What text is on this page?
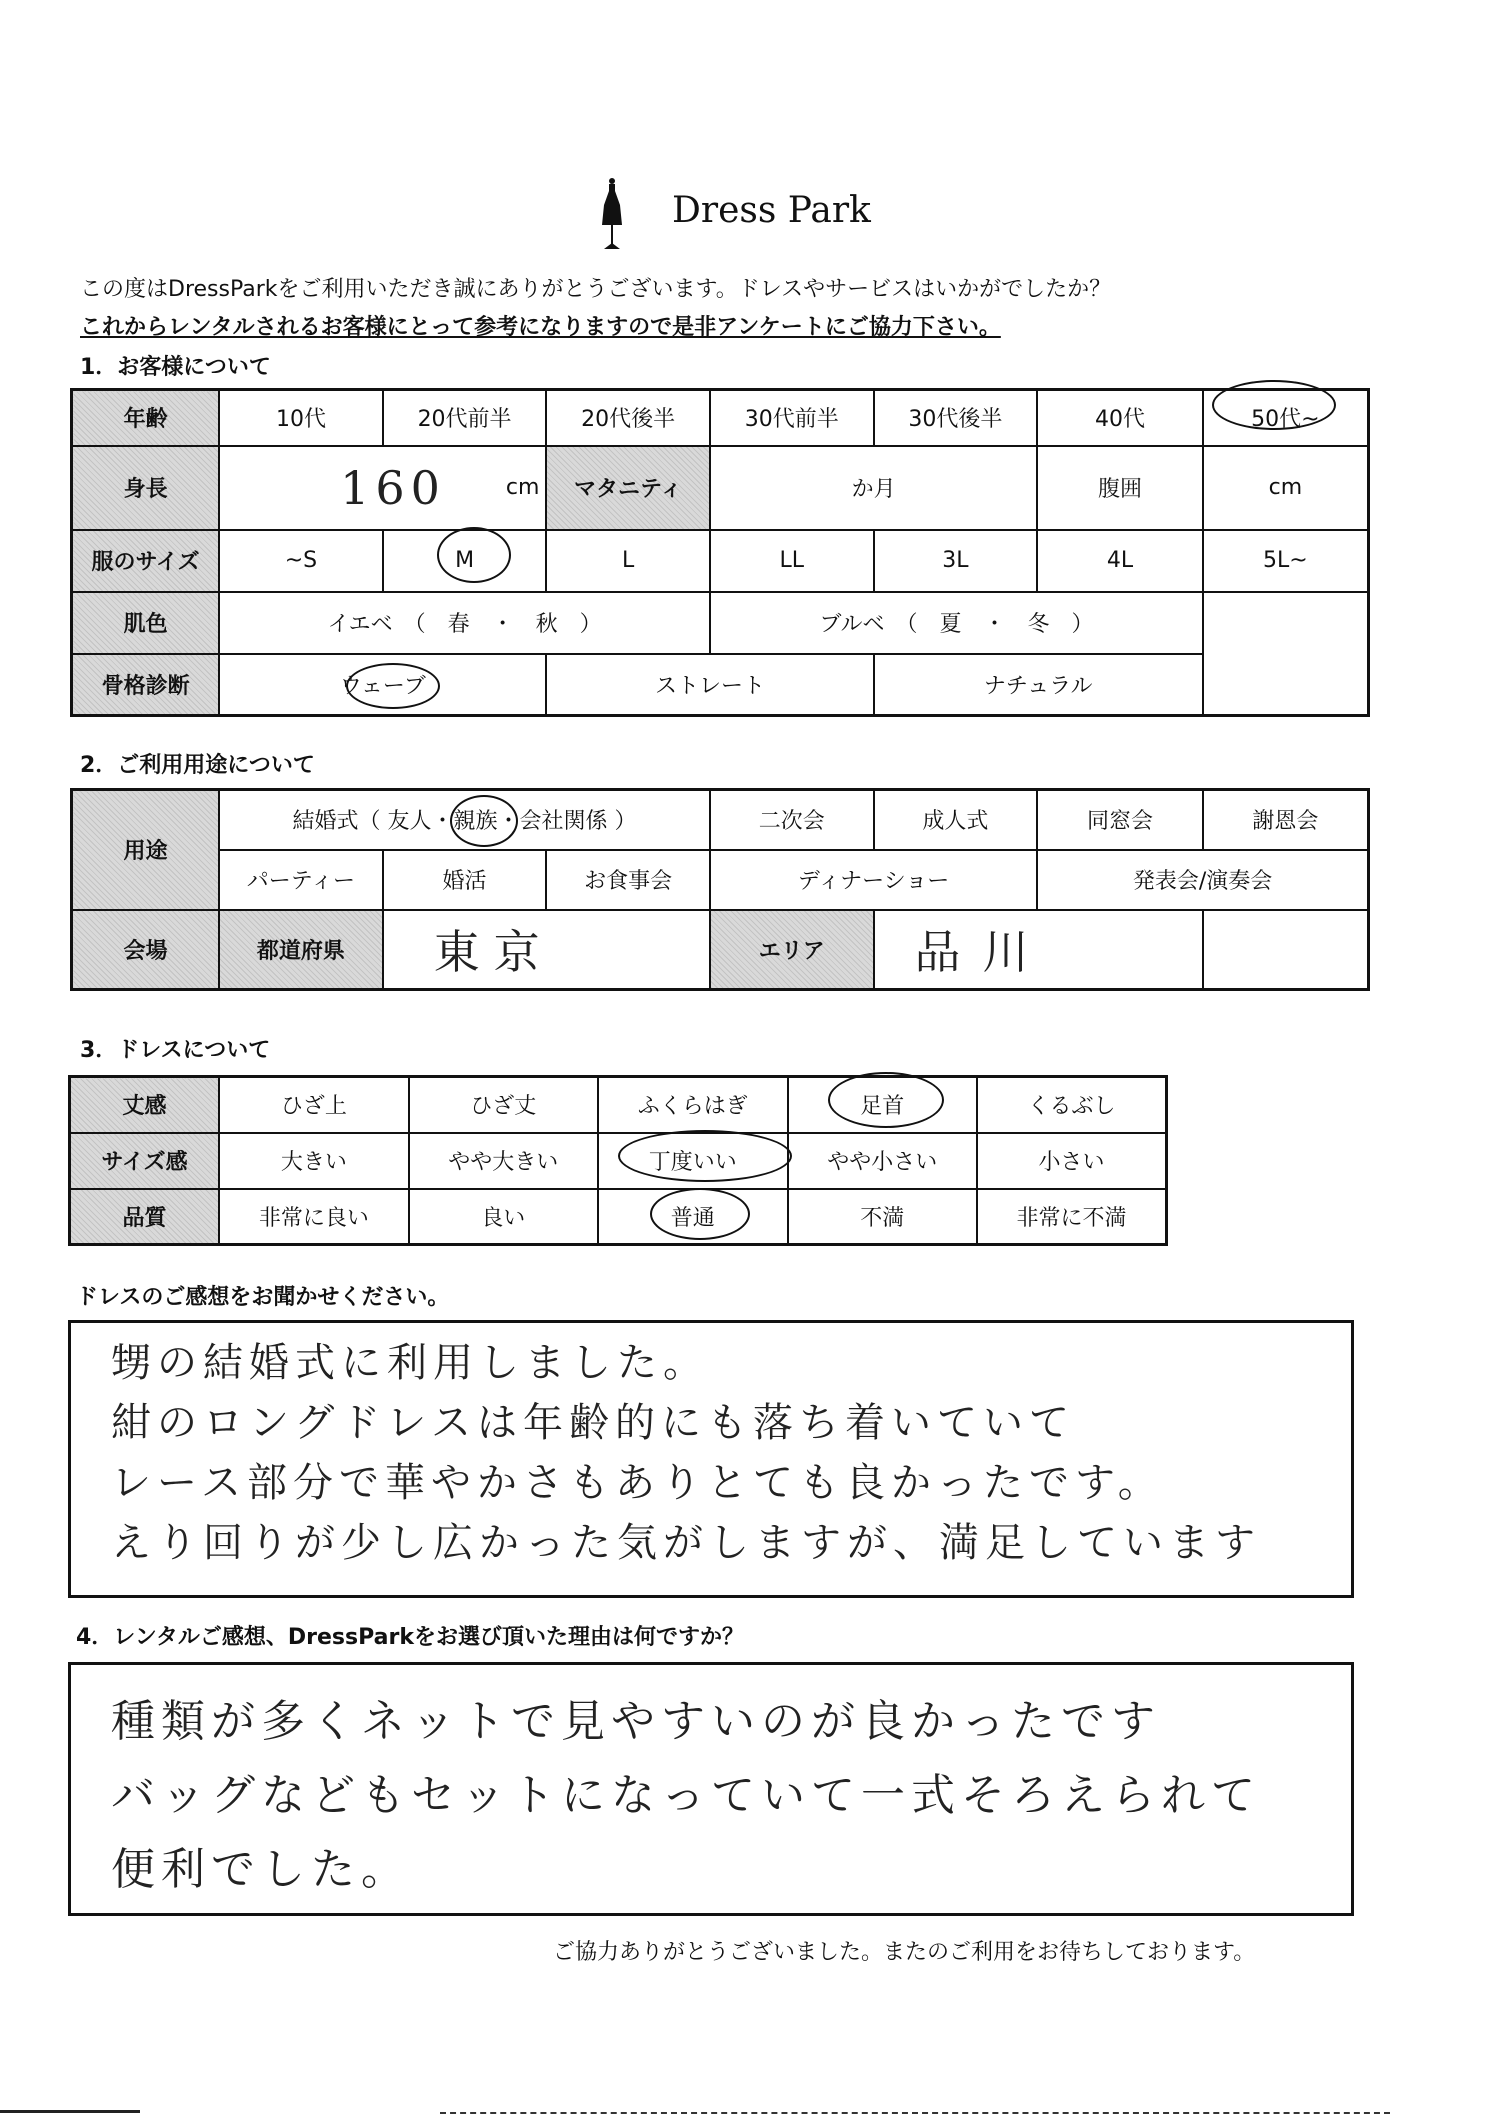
Dress Park
この度はDressParkをご利用いただき誠にありがとうございます。ドレスやサービスはいかがでしたか？
これからレンタルされるお客様にとって参考になりますので是非アンケートにご協力下さい。
1．お客様について
年齢	10代	20代前半	20代後半	30代前半	30代後半	40代	50代~
身長	160 cm		マタニティ	か月		腹囲	cm
服のサイズ	~S	M	L	LL	3L	4L	5L~
肌色	イエベ　（　春　・　秋　）			ブルベ　（　夏　・　冬　）			
骨格診断	ウェーブ		ストレート		ナチュラル		
2．ご利用用途について
用途	結婚式（ 友人・親族・会社関係 ）			二次会	成人式	同窓会	謝恩会
	パーティー	婚活	お食事会	ディナーショー		発表会/演奏会	
会場	都道府県	東京		エリア	品川		
3．ドレスについて
丈感	ひざ上	ひざ丈	ふくらはぎ	足首	くるぶし
サイズ感	大きい	やや大きい	丁度いい	やや小さい	小さい
品質	非常に良い	良い	普通	不満	非常に不満
ドレスのご感想をお聞かせください。
甥の結婚式に利用しました。
紺のロングドレスは年齢的にも落ち着いていて
レース部分で華やかさもありとても良かったです。
えり回りが少し広かった気がしますが、満足しています
4．レンタルご感想、DressParkをお選び頂いた理由は何ですか？
種類が多くネットで見やすいのが良かったです
バッグなどもセットになっていて一式そろえられて
便利でした。
ご協力ありがとうございました。またのご利用をお待ちしております。
